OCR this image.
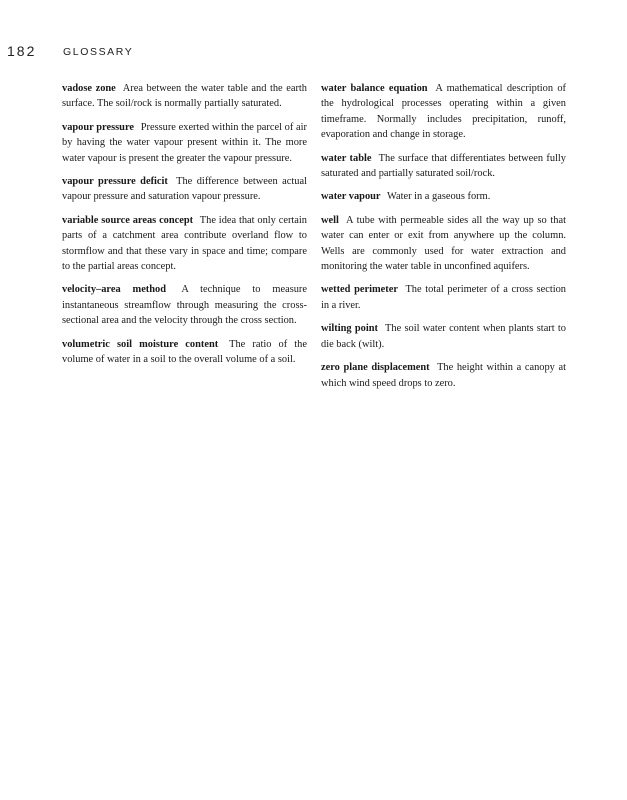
182	GLOSSARY

vadose zone Area between the water table and the earth surface. The soil/rock is normally partially saturated.

vapour pressure Pressure exerted within the parcel of air by having the water vapour present within it. The more water vapour is present the greater the vapour pressure.

vapour pressure deficit The difference between actual vapour pressure and saturation vapour pressure.

variable source areas concept The idea that only certain parts of a catchment area contribute overland flow to stormflow and that these vary in space and time; compare to the partial areas concept.

velocity–area method A technique to measure instantaneous streamflow through measuring the cross-sectional area and the velocity through the cross section.

volumetric soil moisture content The ratio of the volume of water in a soil to the overall volume of a soil.

water balance equation A mathematical description of the hydrological processes operating within a given timeframe. Normally includes precipitation, runoff, evaporation and change in storage.

water table The surface that differentiates between fully saturated and partially saturated soil/rock.

water vapour Water in a gaseous form.

well A tube with permeable sides all the way up so that water can enter or exit from anywhere up the column. Wells are commonly used for water extraction and monitoring the water table in unconfined aquifers.

wetted perimeter The total perimeter of a cross section in a river.

wilting point The soil water content when plants start to die back (wilt).

zero plane displacement The height within a canopy at which wind speed drops to zero.
